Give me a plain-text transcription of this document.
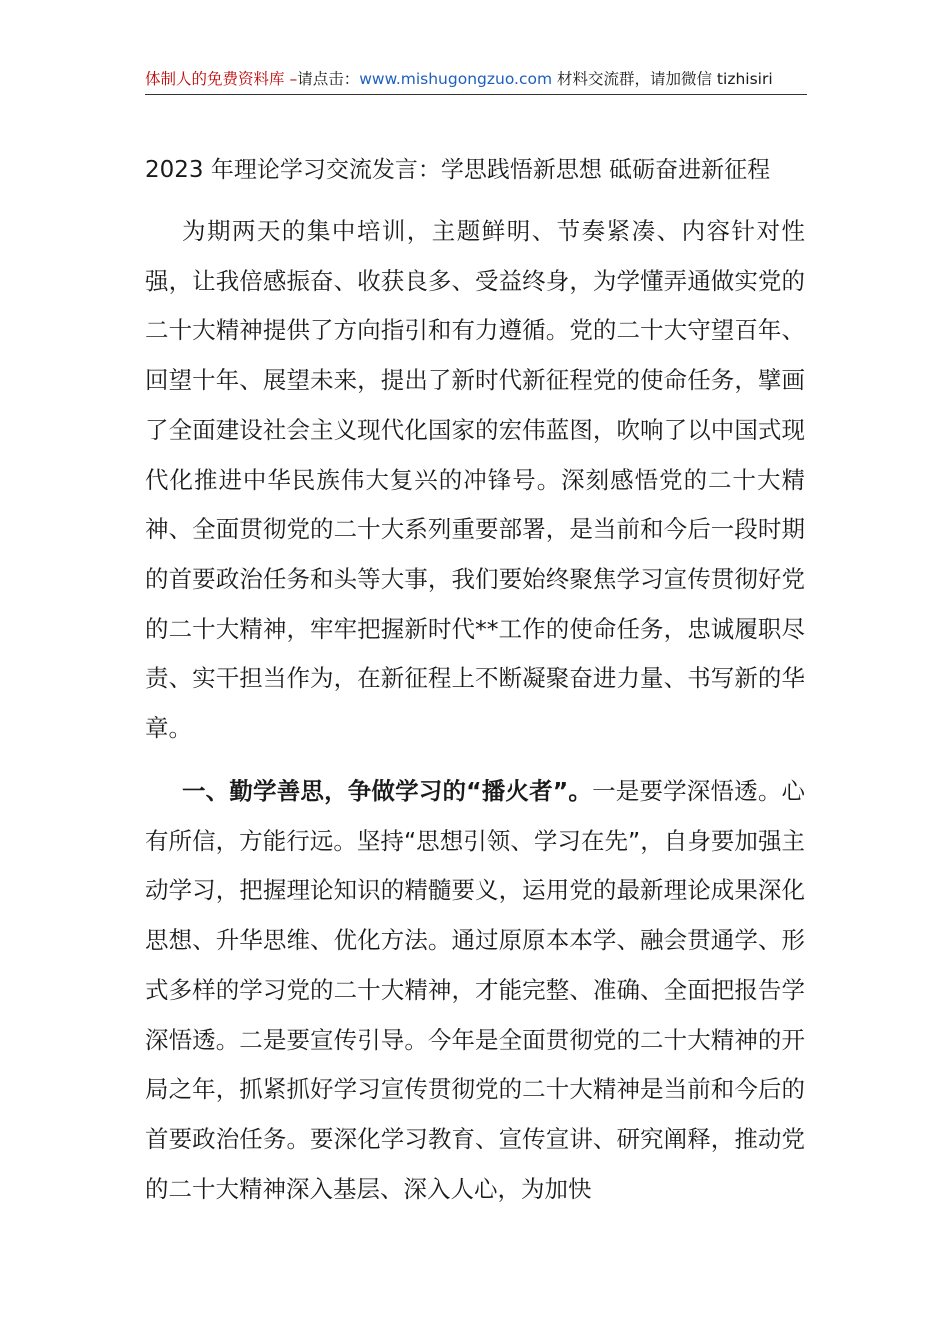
体制人的免费资料库 –请点击：www.mishugongzuo.com 材料交流群，请加微信 tizhisiri
2023 年理论学习交流发言：学思践悟新思想 砥砺奋进新征程

为期两天的集中培训，主题鲜明、节奏紧凑、内容针对性强，让我倍感振奋、收获良多、受益终身，为学懂弄通做实党的二十大精神提供了方向指引和有力遵循。党的二十大守望百年、回望十年、展望未来，提出了新时代新征程党的使命任务，擘画了全面建设社会主义现代化国家的宏伟蓝图，吹响了以中国式现代化推进中华民族伟大复兴的冲锋号。深刻感悟党的二十大精神、全面贯彻党的二十大系列重要部署，是当前和今后一段时期的首要政治任务和头等大事，我们要始终聚焦学习宣传贯彻好党的二十大精神，牢牢把握新时代**工作的使命任务，忠诚履职尽责、实干担当作为，在新征程上不断凝聚奋进力量、书写新的华章。

一、勤学善思，争做学习的“播火者”。一是要学深悟透。心有所信，方能行远。坚持“思想引领、学习在先”，自身要加强主动学习，把握理论知识的精髓要义，运用党的最新理论成果深化思想、升华思维、优化方法。通过原原本本学、融会贯通学、形式多样的学习党的二十大精神，才能完整、准确、全面把报告学深悟透。二是要宣传引导。今年是全面贯彻党的二十大精神的开局之年，抓紧抓好学习宣传贯彻党的二十大精神是当前和今后的首要政治任务。要深化学习教育、宣传宣讲、研究阐释，推动党的二十大精神深入基层、深入人心，为加快
